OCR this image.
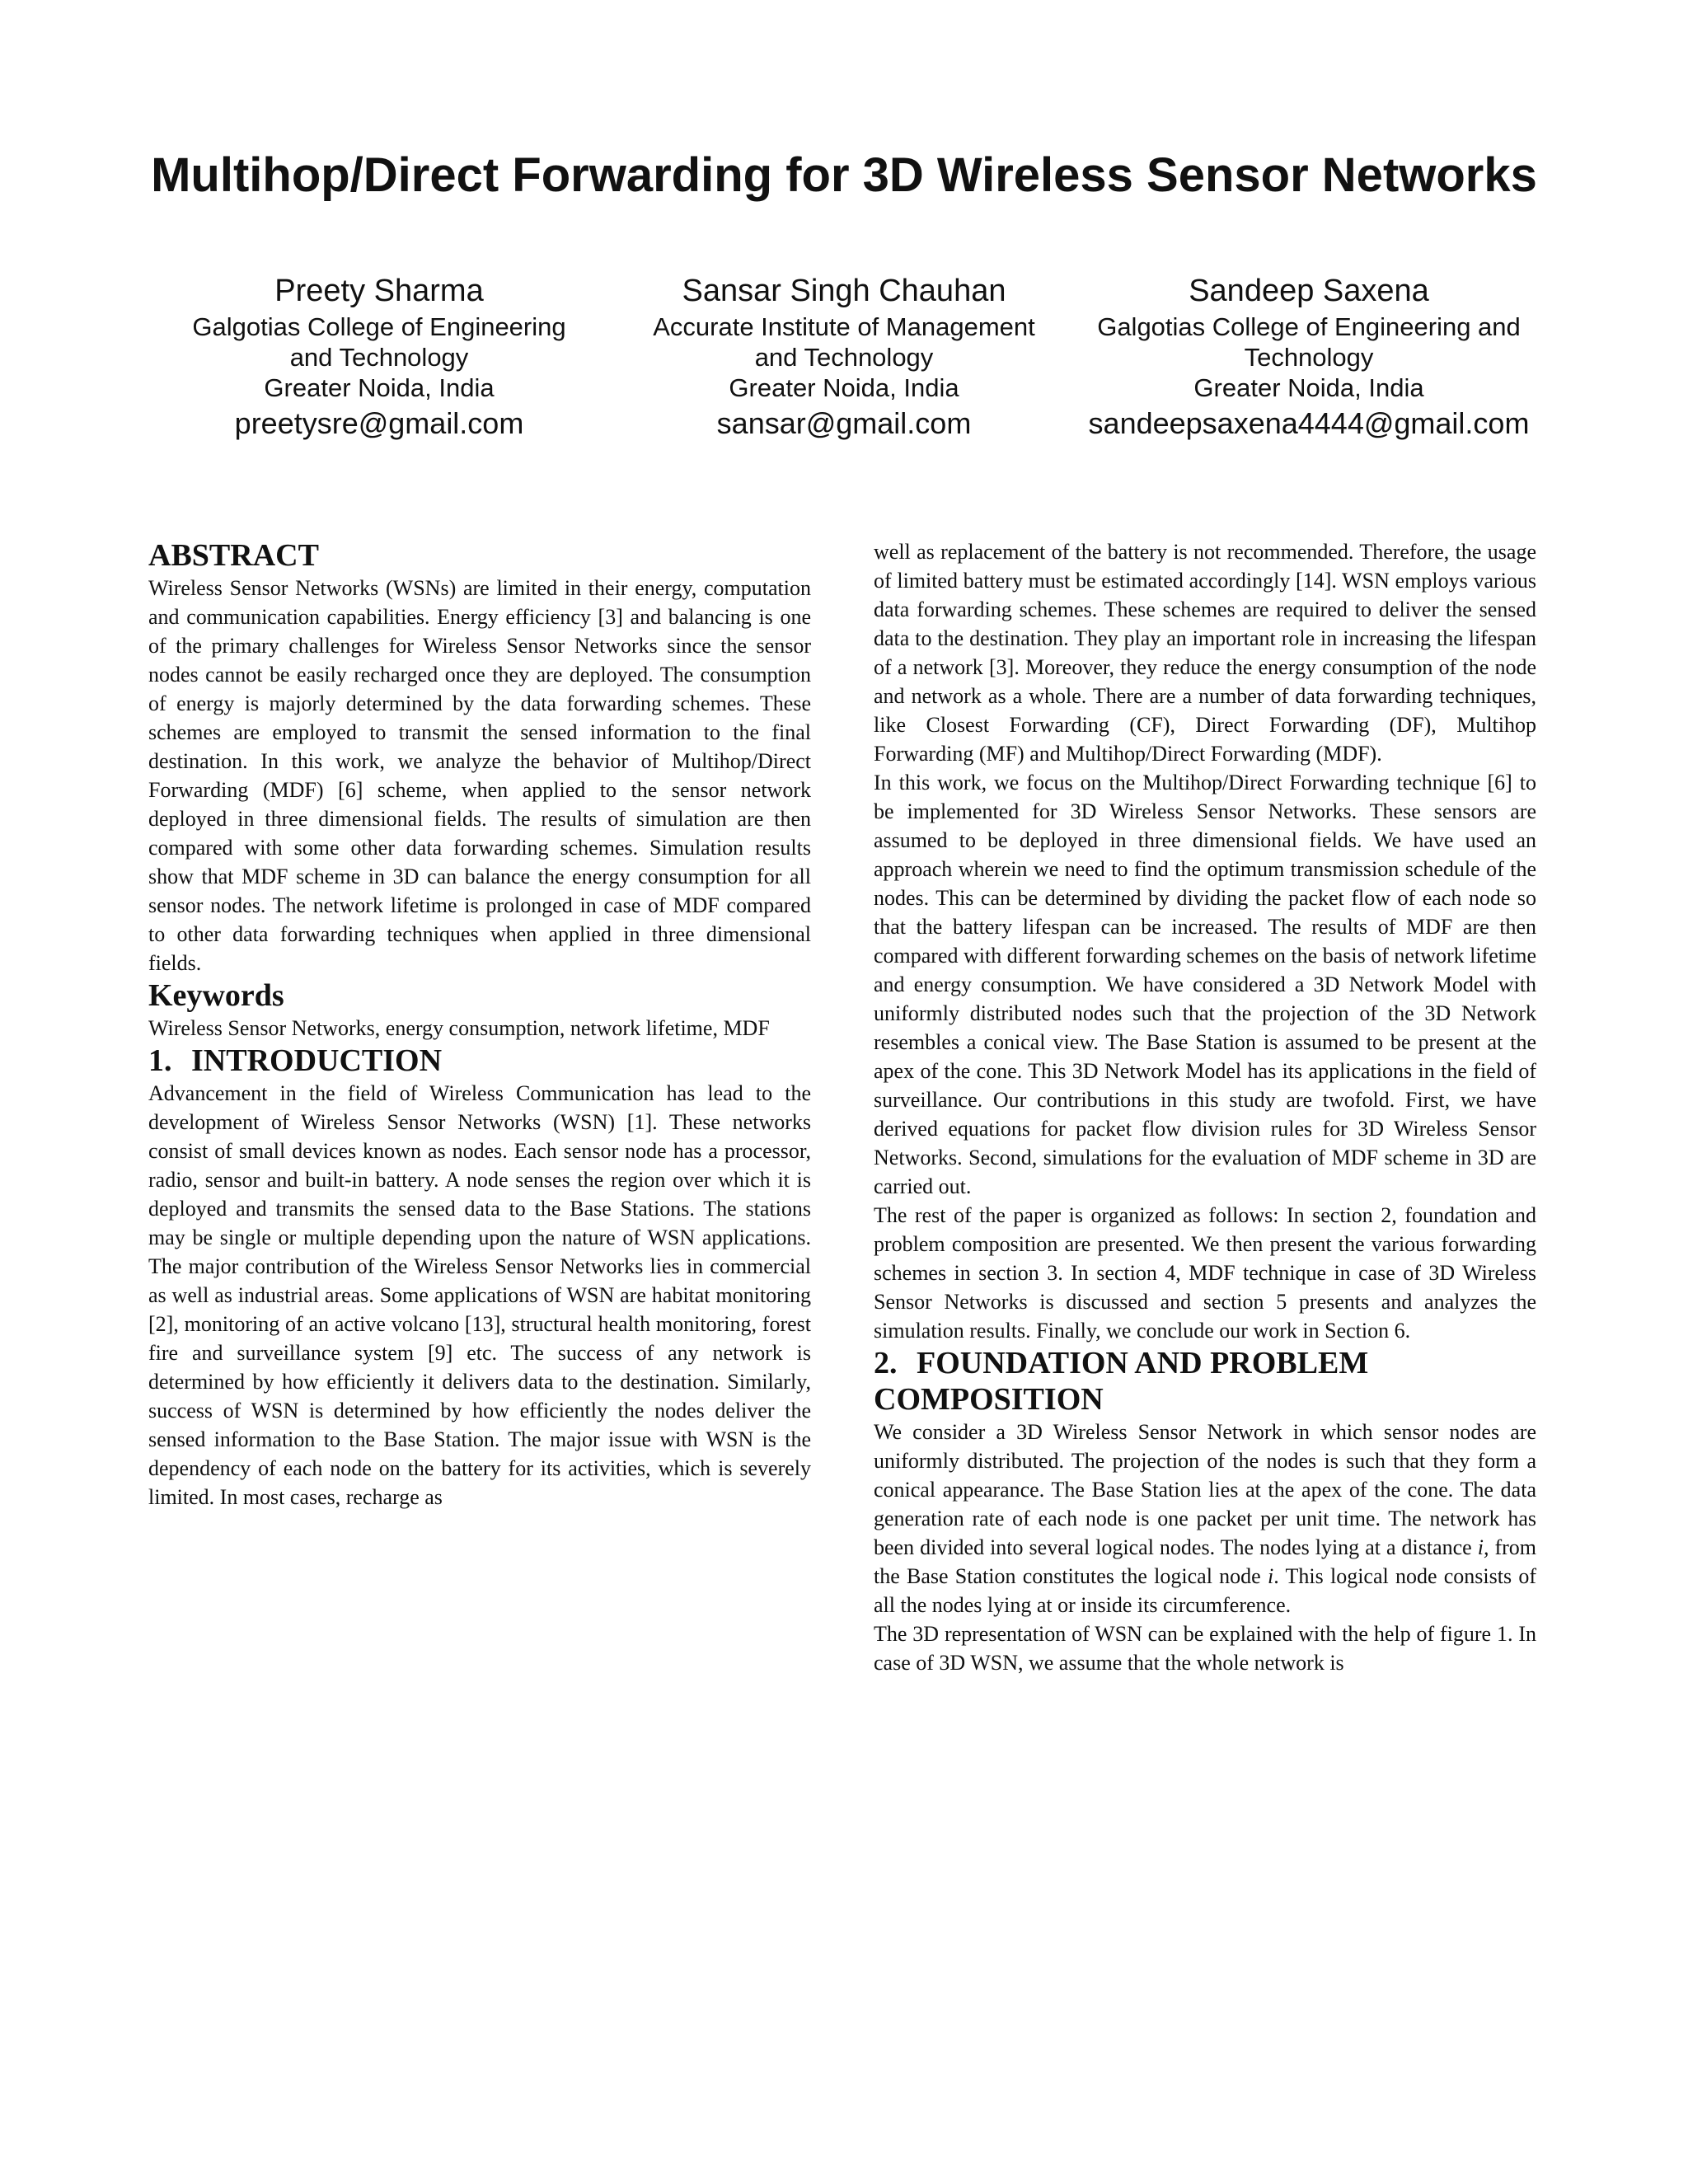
Multihop/Direct Forwarding for 3D Wireless Sensor Networks
Preety Sharma
Galgotias College of Engineering
and Technology
Greater Noida, India
preetysre@gmail.com
Sansar Singh Chauhan
Accurate Institute of Management
and Technology
Greater Noida, India
sansar@gmail.com
Sandeep Saxena
Galgotias College of Engineering and
Technology
Greater Noida, India
sandeepsaxena4444@gmail.com
ABSTRACT

Wireless Sensor Networks (WSNs) are limited in their energy, computation and communication capabilities. Energy efficiency [3] and balancing is one of the primary challenges for Wireless Sensor Networks since the sensor nodes cannot be easily recharged once they are deployed. The consumption of energy is majorly determined by the data forwarding schemes. These schemes are employed to transmit the sensed information to the final destination. In this work, we analyze the behavior of Multihop/Direct Forwarding (MDF) [6] scheme, when applied to the sensor network deployed in three dimensional fields. The results of simulation are then compared with some other data forwarding schemes. Simulation results show that MDF scheme in 3D can balance the energy consumption for all sensor nodes. The network lifetime is prolonged in case of MDF compared to other data forwarding techniques when applied in three dimensional fields.

Keywords

Wireless Sensor Networks, energy consumption, network lifetime, MDF

1. INTRODUCTION

Advancement in the field of Wireless Communication has lead to the development of Wireless Sensor Networks (WSN) [1]. These networks consist of small devices known as nodes. Each sensor node has a processor, radio, sensor and built-in battery. A node senses the region over which it is deployed and transmits the sensed data to the Base Stations. The stations may be single or multiple depending upon the nature of WSN applications. The major contribution of the Wireless Sensor Networks lies in commercial as well as industrial areas. Some applications of WSN are habitat monitoring [2], monitoring of an active volcano [13], structural health monitoring, forest fire and surveillance system [9] etc. The success of any network is determined by how efficiently it delivers data to the destination. Similarly, success of WSN is determined by how efficiently the nodes deliver the sensed information to the Base Station. The major issue with WSN is the dependency of each node on the battery for its activities, which is severely limited. In most cases, recharge as

well as replacement of the battery is not recommended. Therefore, the usage of limited battery must be estimated accordingly [14]. WSN employs various data forwarding schemes. These schemes are required to deliver the sensed data to the destination. They play an important role in increasing the lifespan of a network [3]. Moreover, they reduce the energy consumption of the node and network as a whole. There are a number of data forwarding techniques, like Closest Forwarding (CF), Direct Forwarding (DF), Multihop Forwarding (MF) and Multihop/Direct Forwarding (MDF).

In this work, we focus on the Multihop/Direct Forwarding technique [6] to be implemented for 3D Wireless Sensor Networks. These sensors are assumed to be deployed in three dimensional fields. We have used an approach wherein we need to find the optimum transmission schedule of the nodes. This can be determined by dividing the packet flow of each node so that the battery lifespan can be increased. The results of MDF are then compared with different forwarding schemes on the basis of network lifetime and energy consumption. We have considered a 3D Network Model with uniformly distributed nodes such that the projection of the 3D Network resembles a conical view. The Base Station is assumed to be present at the apex of the cone. This 3D Network Model has its applications in the field of surveillance. Our contributions in this study are twofold. First, we have derived equations for packet flow division rules for 3D Wireless Sensor Networks. Second, simulations for the evaluation of MDF scheme in 3D are carried out.

The rest of the paper is organized as follows: In section 2, foundation and problem composition are presented. We then present the various forwarding schemes in section 3. In section 4, MDF technique in case of 3D Wireless Sensor Networks is discussed and section 5 presents and analyzes the simulation results. Finally, we conclude our work in Section 6.

2. FOUNDATION AND PROBLEM
COMPOSITION

We consider a 3D Wireless Sensor Network in which sensor nodes are uniformly distributed. The projection of the nodes is such that they form a conical appearance. The Base Station lies at the apex of the cone. The data generation rate of each node is one packet per unit time. The network has been divided into several logical nodes. The nodes lying at a distance i, from the Base Station constitutes the logical node i. This logical node consists of all the nodes lying at or inside its circumference.

The 3D representation of WSN can be explained with the help of figure 1. In case of 3D WSN, we assume that the whole network is
